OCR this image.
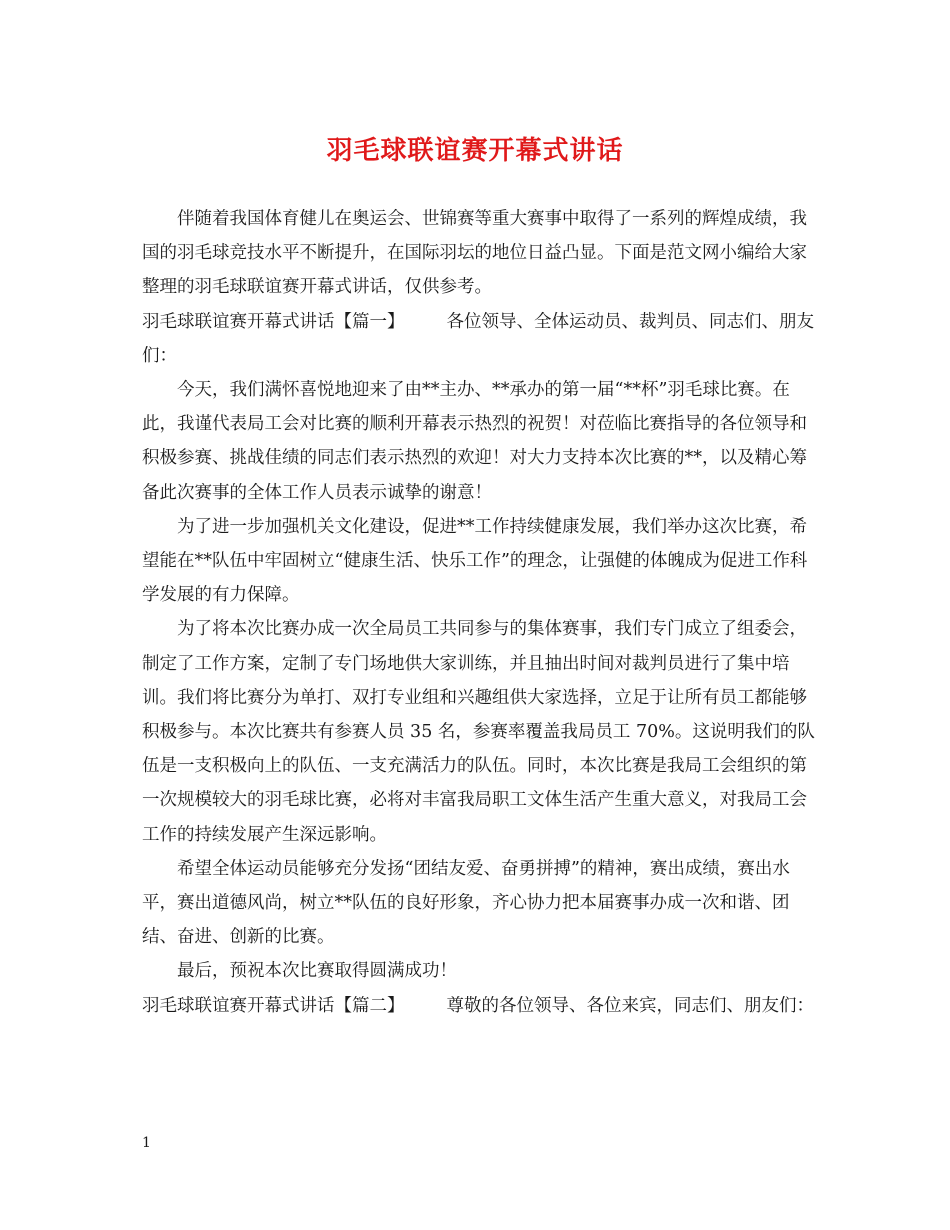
羽毛球联谊赛开幕式讲话

伴随着我国体育健儿在奥运会、世锦赛等重大赛事中取得了一系列的辉煌成绩，我国的羽毛球竞技水平不断提升，在国际羽坛的地位日益凸显。下面是范文网小编给大家整理的羽毛球联谊赛开幕式讲话，仅供参考。

羽毛球联谊赛开幕式讲话【篇一】 各位领导、全体运动员、裁判员、同志们、朋友们：

今天，我们满怀喜悦地迎来了由**主办、**承办的第一届“**杯”羽毛球比赛。在此，我谨代表局工会对比赛的顺利开幕表示热烈的祝贺！对莅临比赛指导的各位领导和积极参赛、挑战佳绩的同志们表示热烈的欢迎！对大力支持本次比赛的**，以及精心筹备此次赛事的全体工作人员表示诚挚的谢意！

为了进一步加强机关文化建设，促进**工作持续健康发展，我们举办这次比赛，希望能在**队伍中牢固树立“健康生活、快乐工作”的理念，让强健的体魄成为促进工作科学发展的有力保障。

为了将本次比赛办成一次全局员工共同参与的集体赛事，我们专门成立了组委会，制定了工作方案，定制了专门场地供大家训练，并且抽出时间对裁判员进行了集中培训。我们将比赛分为单打、双打专业组和兴趣组供大家选择，立足于让所有员工都能够积极参与。本次比赛共有参赛人员 35 名，参赛率覆盖我局员工 70%。这说明我们的队伍是一支积极向上的队伍、一支充满活力的队伍。同时，本次比赛是我局工会组织的第一次规模较大的羽毛球比赛，必将对丰富我局职工文体生活产生重大意义，对我局工会工作的持续发展产生深远影响。

希望全体运动员能够充分发扬“团结友爱、奋勇拼搏”的精神，赛出成绩，赛出水平，赛出道德风尚，树立**队伍的良好形象，齐心协力把本届赛事办成一次和谐、团结、奋进、创新的比赛。

最后，预祝本次比赛取得圆满成功！

羽毛球联谊赛开幕式讲话【篇二】 尊敬的各位领导、各位来宾，同志们、朋友们：

1
